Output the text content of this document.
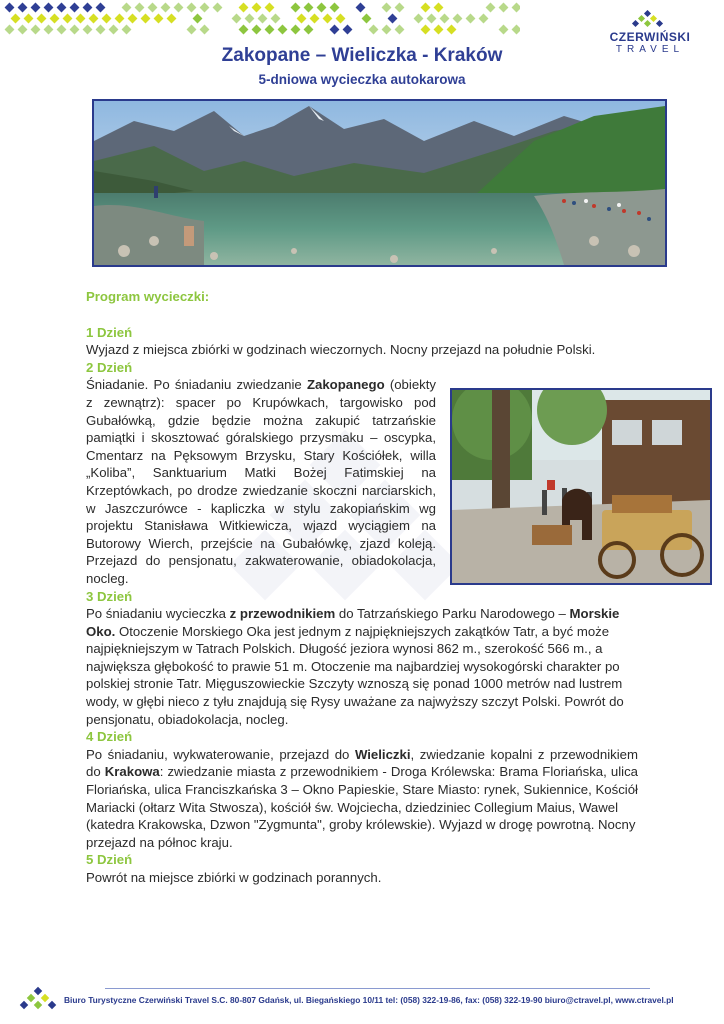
CZERWIŃSKI
TRAVEL
Zakopane – Wieliczka - Kraków
5-dniowa wycieczka autokarowa

Program wycieczki:

1 Dzień

Wyjazd z miejsca zbiórki w godzinach wieczornych. Nocny przejazd na południe Polski.

2 Dzień

Śniadanie. Po śniadaniu zwiedzanie Zakopanego (obiekty z zewnątrz): spacer po Krupówkach, targowisko pod Gubałówką, gdzie będzie można zakupić tatrzańskie pamiątki i skosztować góralskiego przysmaku – oscypka, Cmentarz na Pęksowym Brzysku, Stary Kościółek, willa „Koliba”, Sanktuarium Matki Bożej Fatimskiej na Krzeptówkach, po drodze zwiedzanie skoczni narciarskich, w Jaszczurówce - kapliczka w stylu zakopiańskim wg projektu Stanisława Witkiewicza, wjazd wyciągiem na Butorowy Wierch, przejście na Gubałówkę, zjazd koleją. Przejazd do pensjonatu, zakwaterowanie, obiadokolacja, nocleg.

3 Dzień

Po śniadaniu wycieczka z przewodnikiem do Tatrzańskiego Parku Narodowego – Morskie Oko. Otoczenie Morskiego Oka jest jednym z najpiękniejszych zakątków Tatr, a być może najpiękniejszym w Tatrach Polskich. Długość jeziora wynosi 862 m., szerokość 566 m., a największa głębokość to prawie 51 m. Otoczenie ma najbardziej wysokogórski charakter po polskiej stronie Tatr. Mięguszowieckie Szczyty wznoszą się ponad 1000 metrów nad lustrem wody, w głębi nieco z tyłu znajdują się Rysy uważane za najwyższy szczyt Polski. Powrót do pensjonatu, obiadokolacja, nocleg.

4 Dzień

Po śniadaniu, wykwaterowanie, przejazd do Wieliczki, zwiedzanie kopalni z przewodnikiem do Krakowa: zwiedzanie miasta z przewodnikiem - Droga Królewska: Brama Floriańska, ulica Floriańska, ulica Franciszkańska 3 – Okno Papieskie, Stare Miasto: rynek, Sukiennice, Kościół Mariacki (ołtarz Wita Stwosza), kościół św. Wojciecha, dziedziniec Collegium Maius, Wawel

(katedra Krakowska, Dzwon "Zygmunta", groby królewskie). Wyjazd w drogę powrotną. Nocny przejazd na północ kraju.

5 Dzień

Powrót na miejsce zbiórki w godzinach porannych.

Biuro Turystyczne Czerwiński Travel S.C. 80-807 Gdańsk, ul. Biegańskiego 10/11 tel: (058) 322-19-86, fax: (058) 322-19-90 biuro@ctravel.pl, www.ctravel.pl
